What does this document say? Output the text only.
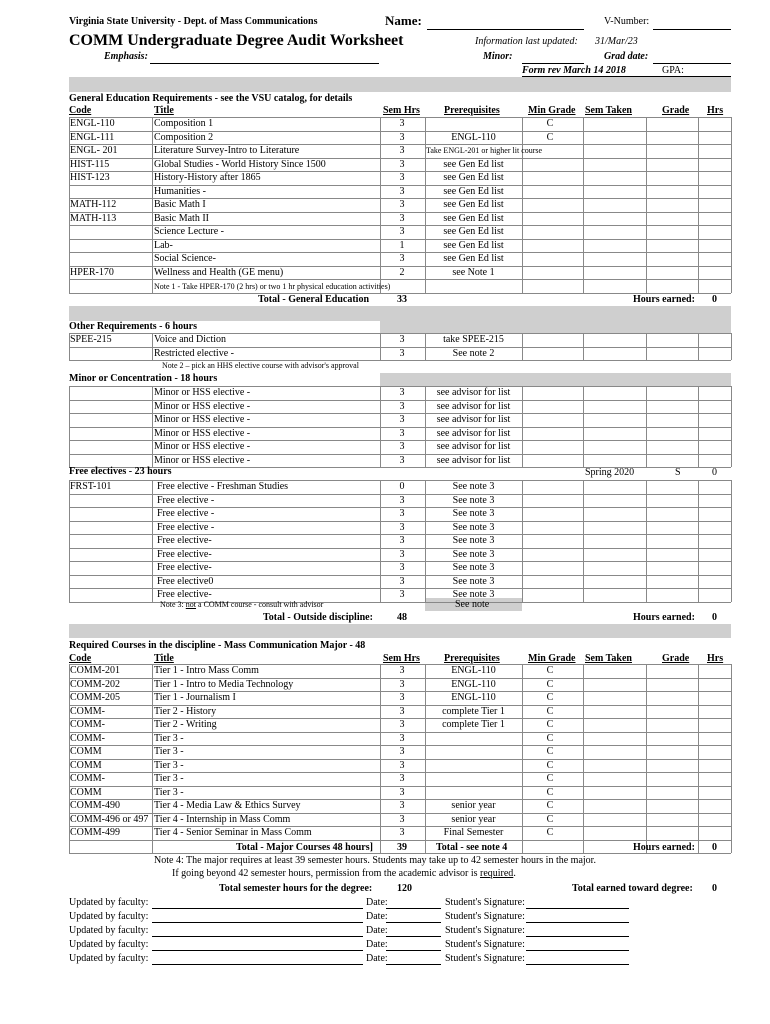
Virginia State University - Dept. of Mass Communications	Name:	V-Number:
COMM Undergraduate Degree Audit Worksheet	Information last updated: 31/Mar/23
Emphasis:	Minor:	Grad date:
Form rev March 14 2018	GPA:
General Education Requirements - see the VSU catalog, for details
Code	Title	Sem Hrs Prerequisites	Min Grade Sem Taken	Grade Hrs
ENGL-110	Composition 1	3	C
ENGL-111	Composition 2	3	ENGL-110	C
ENGL- 201	Literature Survey-Intro to Literature	3	Take ENGL-201 or higher lit course
HIST-115	Global Studies - World History Since 1500	3	see Gen Ed list
HIST-123	History-History after 1865	3	see Gen Ed list
Humanities -	3	see Gen Ed list
MATH-112	Basic Math I	3	see Gen Ed list
MATH-113	Basic Math II	3	see Gen Ed list
Science Lecture -	3	see Gen Ed list
Lab-	1	see Gen Ed list
Social Science-	3	see Gen Ed list
HPER-170	Wellness and Health (GE menu)	2	see Note 1
Note 1 - Take HPER-170 (2 hrs) or two 1 hr physical education activities)
Total - General Education	33	Hours earned: 0
Other Requirements - 6 hours
SPEE-215	Voice and Diction	3	take SPEE-215
Restricted elective -	3	See note 2
Note 2 – pick an HHS elective course with advisor's approval
Minor or Concentration - 18 hours
Minor or HSS elective -	3	see advisor for list
Minor or HSS elective -	3	see advisor for list
Minor or HSS elective -	3	see advisor for list
Minor or HSS elective -	3	see advisor for list
Minor or HSS elective -	3	see advisor for list
Minor or HSS elective -	3	see advisor for list
Free electives - 23 hours	Spring 2020	S	0
FRST-101	Free elective - Freshman Studies	0	See note 3
Free elective -	3	See note 3
Free elective -	3	See note 3
Free elective -	3	See note 3
Free elective-	3	See note 3
Free elective-	3	See note 3
Free elective-	3	See note 3
Free elective0	3	See note 3
Free elective-	3	See note 3
Note 3: not a COMM course - consult with advisor	See note
Total - Outside discipline: 48	Hours earned: 0
Required Courses in the discipline - Mass Communication Major - 48
Code	Title	Sem Hrs Prerequisites	Min Grade Sem Taken	Grade Hrs
COMM-201	Tier 1 - Intro Mass Comm	3	ENGL-110	C
COMM-202	Tier 1 - Intro to Media Technology	3	ENGL-110	C
COMM-205	Tier 1 - Journalism I	3	ENGL-110	C
COMM-	Tier 2 - History	3	complete Tier 1	C
COMM-	Tier 2 - Writing	3	complete Tier 1	C
COMM-	Tier 3 -	3	C
COMM	Tier 3 -	3	C
COMM	Tier 3 -	3	C
COMM-	Tier 3 -	3	C
COMM	Tier 3 -	3	C
COMM-490	Tier 4 - Media Law & Ethics Survey	3	senior year	C
COMM-496 or 497 Tier 4 - Internship in Mass Comm	3	senior year	C
COMM-499	Tier 4 - Senior Seminar in Mass Comm	3	Final Semester	C
Total - Major Courses 48 hours] 39	Total - see note 4	Hours earned: 0
Note 4: The major requires at least 39 semester hours. Students may take up to 42 semester hours in the major.
If going beyond 42 semester hours, permission from the academic advisor is required.
Total semester hours for the degree: 120	Total earned toward degree: 0
Updated by faculty:	Date:	Student's Signature:
Updated by faculty:	Date:	Student's Signature:
Updated by faculty:	Date:	Student's Signature:
Updated by faculty:	Date:	Student's Signature:
Updated by faculty:	Date:	Student's Signature:
